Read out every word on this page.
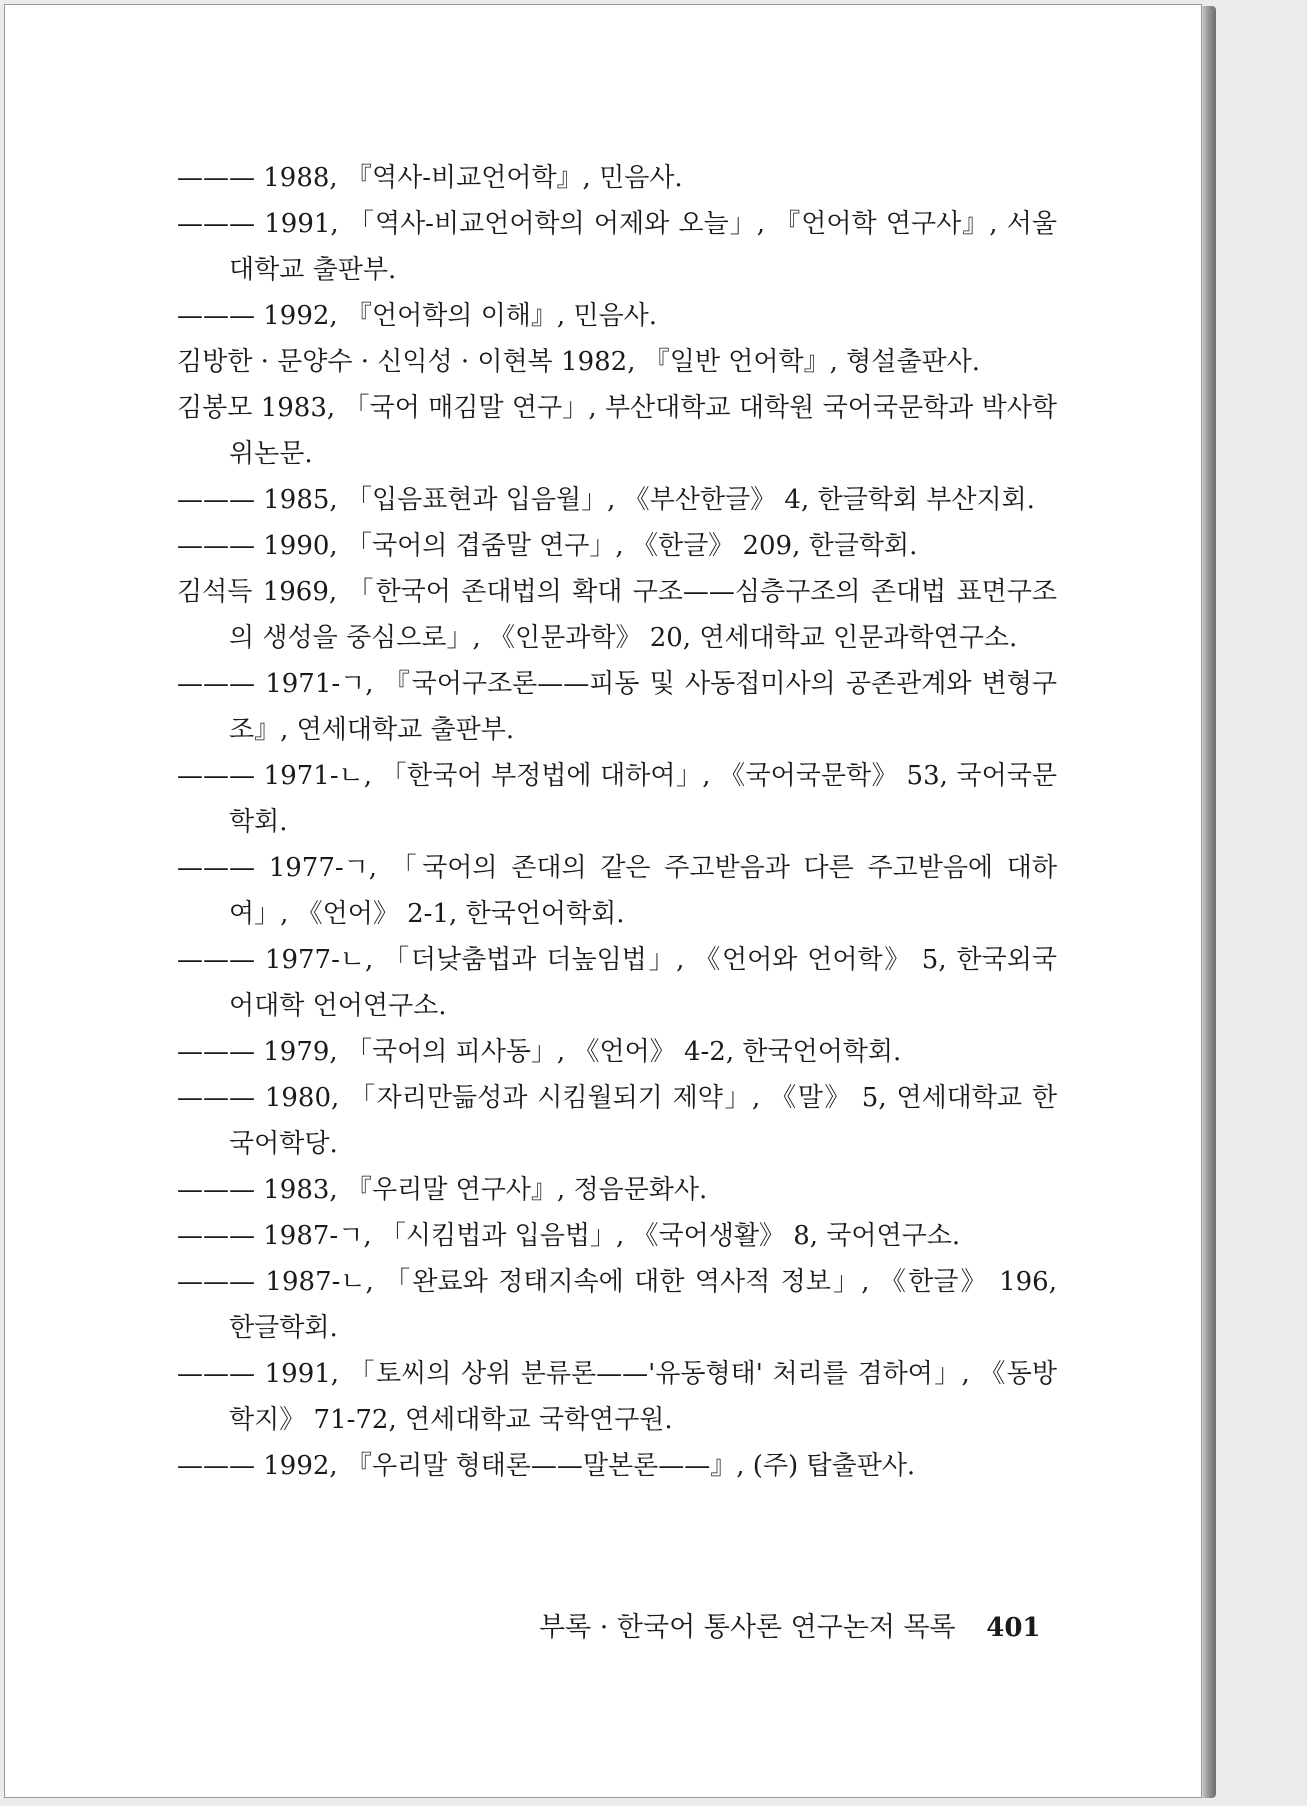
——— 1988, 『역사-비교언어학』, 민음사.
——— 1991, 「역사-비교언어학의 어제와 오늘」, 『언어학 연구사』, 서울대학교 출판부.
——— 1992, 『언어학의 이해』, 민음사.
김방한 · 문양수 · 신익성 · 이현복 1982, 『일반 언어학』, 형설출판사.
김봉모 1983, 「국어 매김말 연구」, 부산대학교 대학원 국어국문학과 박사학위논문.
——— 1985, 「입음표현과 입음월」, 《부산한글》 4, 한글학회 부산지회.
——— 1990, 「국어의 겹줌말 연구」, 《한글》 209, 한글학회.
김석득 1969, 「한국어 존대법의 확대 구조——심층구조의 존대법 표면구조의 생성을 중심으로」, 《인문과학》 20, 연세대학교 인문과학연구소.
——— 1971-ㄱ, 『국어구조론——피동 및 사동접미사의 공존관계와 변형구조』, 연세대학교 출판부.
——— 1971-ㄴ, 「한국어 부정법에 대하여」, 《국어국문학》 53, 국어국문학회.
——— 1977-ㄱ, 「국어의 존대의 같은 주고받음과 다른 주고받음에 대하여」, 《언어》 2-1, 한국언어학회.
——— 1977-ㄴ, 「더낮춤법과 더높임법」, 《언어와 언어학》 5, 한국외국어대학 언어연구소.
——— 1979, 「국어의 피사동」, 《언어》 4-2, 한국언어학회.
——— 1980, 「자리만듦성과 시킴월되기 제약」, 《말》 5, 연세대학교 한국어학당.
——— 1983, 『우리말 연구사』, 정음문화사.
——— 1987-ㄱ, 「시킴법과 입음법」, 《국어생활》 8, 국어연구소.
——— 1987-ㄴ, 「완료와 정태지속에 대한 역사적 정보」, 《한글》 196, 한글학회.
——— 1991, 「토씨의 상위 분류론——'유동형태' 처리를 겸하여」, 《동방학지》 71-72, 연세대학교 국학연구원.
——— 1992, 『우리말 형태론——말본론——』, (주) 탑출판사.
부록 · 한국어 통사론 연구논저 목록 401
